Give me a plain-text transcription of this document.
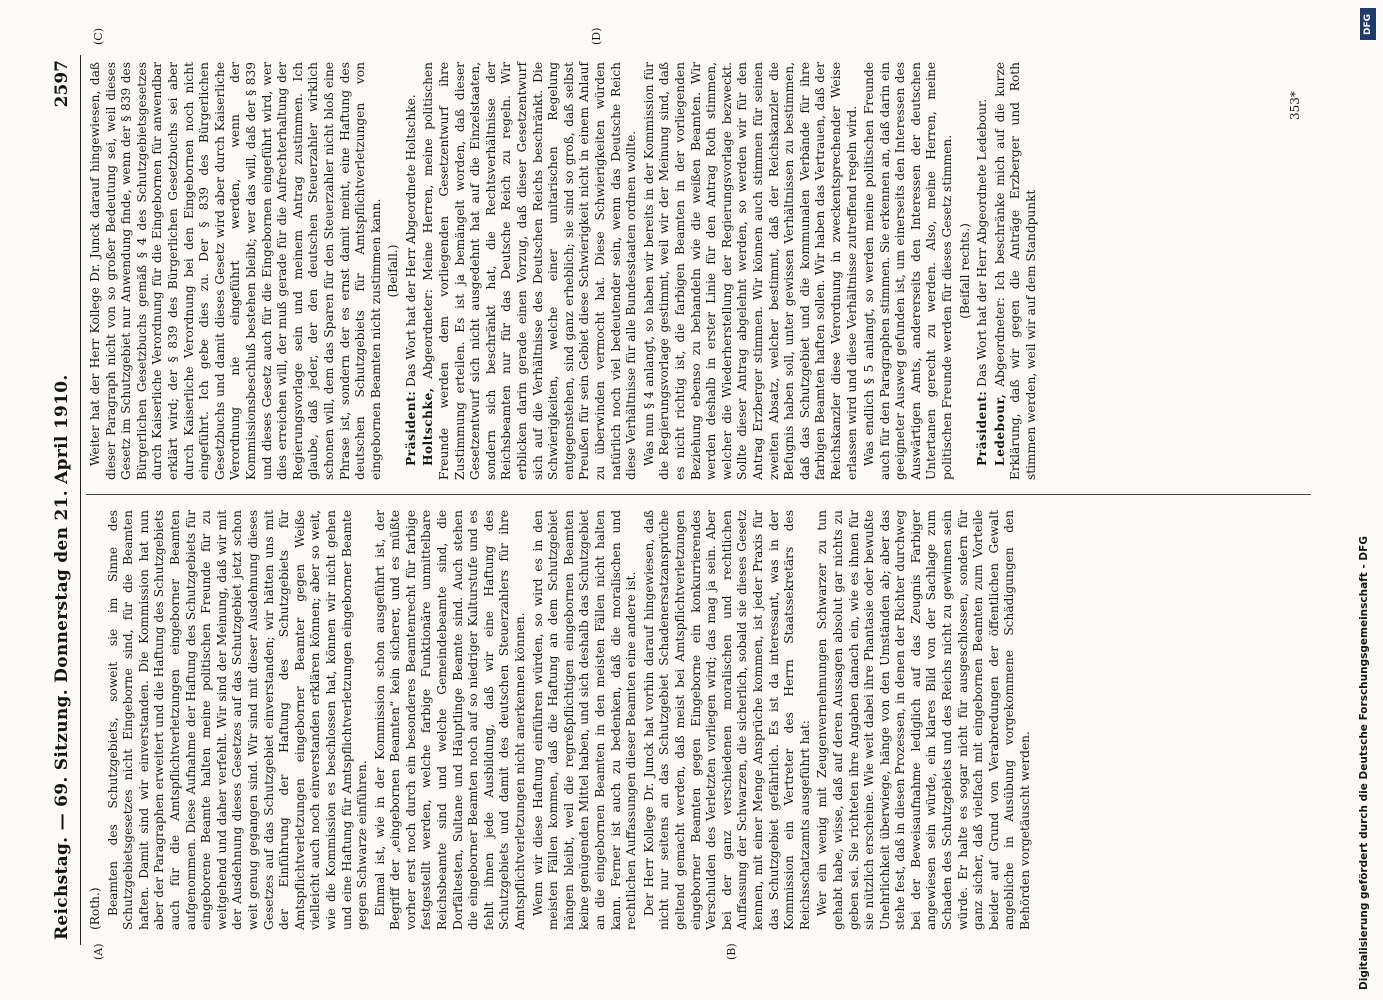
Reichstag. — 69. Sitzung. Donnerstag den 21. April 1910.
2597
(A)	(B)
(C)	(D)

(Roth.) Beamten des Schutzgebiets, soweit sie im Sinne des Schutzgebietsgesetzes nicht Eingeborne sind, für die Beamten haften. Damit sind wir einverstanden. Die Kommission hat nun aber der Paragraphen erweitert und die Haftung des Schutzgebiets auch für die Amtspflichtverletzungen eingeborner Beamten aufgenommen. Diese Aufnahme der Haftung des Schutzgebiets für eingeborene Beamte halten meine politischen Freunde für zu weitgehend und daher verfehlt. Wir sind der Meinung, daß wir mit der Ausdehnung dieses Gesetzes auf das Schutzgebiet jetzt schon weit genug gegangen sind. Wir sind mit dieser Ausdehnung dieses Gesetzes auf das Schutzgebiet einverstanden; wir hätten uns mit der Einführung der Haftung des Schutzgebiets für Amtspflichtverletzungen eingeborner Beamter gegen Weiße vielleicht auch noch einverstanden erklären können; aber so weit, wie die Kommission es beschlossen hat, können wir nicht gehen und eine Haftung für Amtspflichtverletzungen eingeborner Beamte gegen Schwarze einführen. Einmal ist, wie in der Kommission schon ausgeführt ist, der Begriff der „eingebornen Beamten“ kein sicherer, und es müßte vorher erst noch durch ein besonderes Beamtenrecht für farbige festgestellt werden, welche farbige Funktionäre unmittelbare Reichsbeamte sind und welche Gemeindebeamte sind, die Dorfältesten, Sultane und Häuptlinge Beamte sind. Auch stehen die eingeborner Beamten noch auf so niedriger Kulturstufe und es fehlt ihnen jede Ausbildung, daß wir eine Haftung des Schutzgebiets und damit des deutschen Steuerzahlers für ihre Amtspflichtverletzungen nicht anerkennen können. Wenn wir diese Haftung einführen würden, so wird es in den meisten Fällen kommen, daß die Haftung an dem Schutzgebiet hängen bleibt, weil die regreßpflichtigen eingebornen Beamten keine genügenden Mittel haben, und sich deshalb das Schutzgebiet an die eingebornen Beamten in den meisten Fällen nicht halten kann. Ferner ist auch zu bedenken, daß die moralischen und rechtlichen Auffassungen dieser Beamten eine andere ist. Der Herr Kollege Dr. Junck hat vorhin darauf hingewiesen, daß nicht nur seitens an das Schutzgebiet Schadenersatzansprüche geltend gemacht werden, daß meist bei Amtspflichtverletzungen eingeborner Beamten gegen Eingeborne ein konkurrierendes Verschulden des Verletzten vorliegen wird; das mag ja sein. Aber bei der ganz verschiedenen moralischen und rechtlichen Auffassung der Schwarzen, die sicherlich, sobald sie dieses Gesetz kennen, mit einer Menge Ansprüche kommen, ist jeder Praxis für das Schutzgebiet gefährlich. Es ist da interessant, was in der Kommission ein Vertreter des Herrn Staatssekretärs des Reichsschatzamts ausgeführt hat: Wer ein wenig mit Zeugenvernehmungen Schwarzer zu tun gehabt habe, wisse, daß auf deren Aussagen absolut gar nichts zu geben sei. Sie richteten ihre Angaben danach ein, wie es ihnen für sie nützlich erscheine. Wie weit dabei ihre Phantasie oder bewußte Unehrlichkeit überwiege, hänge von den Umständen ab; aber das stehe fest, daß in diesen Prozessen, in denen der Richter durchweg bei der Beweisaufnahme lediglich auf das Zeugnis Farbiger angewiesen sein würde, ein klares Bild von der Sachlage zum Schaden des Schutzgebiets und des Reichs nicht zu gewinnen sein würde. Er halte es sogar nicht für ausgeschlossen, sondern für ganz sicher, daß vielfach mit eingebornen Beamten zum Vorteile beider auf Grund von Verabredungen der öffentlichen Gewalt angebliche in Ausübung vorgekommene Schädigungen den Behörden vorgetäuscht werden.

Weiter hat der Herr Kollege Dr. Junck darauf hingewiesen, daß dieser Paragraph nicht von so großer Bedeutung sei, weil dieses Gesetz im Schutzgebiet nur Anwendung finde, wenn der § 839 des Bürgerlichen Gesetzbuchs gemäß § 4 des Schutzgebietsgesetzes durch Kaiserliche Verordnung für die Eingebornen für anwendbar erklärt wird; der § 839 des Bürgerlichen Gesetzbuchs sei aber durch Kaiserliche Verordnung bei den Eingebornen noch nicht eingeführt. Ich gebe dies zu. Der § 839 des Bürgerlichen Gesetzbuchs und damit dieses Gesetz wird aber durch Kaiserliche Verordnung nie eingeführt werden, wenn der Kommissionsbeschluß bestehen bleibt; wer das will, daß der § 839 und dieses Gesetz auch für die Eingebornen eingeführt wird, wer dies erreichen will, der muß gerade für die Aufrechterhaltung der Regierungsvorlage sein und meinem Antrag zustimmen. Ich glaube, daß jeder, der den deutschen Steuerzahler wirklich schonen will, dem das Sparen für den Steuerzahler nicht bloß eine Phrase ist, sondern der es ernst damit meint, eine Haftung des deutschen Schutzgebiets für Amtspflichtverletzungen von eingebornen Beamten nicht zustimmen kann. (Beifall.)

Präsident: Das Wort hat der Herr Abgeordnete Holtschke.

Holtschke, Abgeordneter: Meine Herren, meine politischen Freunde werden dem vorliegenden Gesetzentwurf ihre Zustimmung erteilen. Es ist ja bemängelt worden, daß dieser Gesetzentwurf sich nicht ausgedehnt hat auf die Einzelstaaten, sondern sich beschränkt hat, die Rechtsverhältnisse der Reichsbeamten nur für das Deutsche Reich zu regeln. Wir erblicken darin gerade einen Vorzug, daß dieser Gesetzentwurf sich auf die Verhältnisse des Deutschen Reichs beschränkt. Die Schwierigkeiten, welche einer unitarischen Regelung entgegenstehen, sind ganz erheblich; sie sind so groß, daß selbst Preußen für sein Gebiet diese Schwierigkeit nicht in einem Anlauf zu überwinden vermocht hat. Diese Schwierigkeiten würden natürlich noch viel bedeutender sein, wenn das Deutsche Reich diese Verhältnisse für alle Bundesstaaten ordnen wollte. Was nun § 4 anlangt, so haben wir bereits in der Kommission für die Regierungsvorlage gestimmt, weil wir der Meinung sind, daß es nicht richtig ist, die farbigen Beamten in der vorliegenden Beziehung ebenso zu behandeln wie die weißen Beamten. Wir werden deshalb in erster Linie für den Antrag Roth stimmen, welcher die Wiederherstellung der Regierungsvorlage bezweckt. Sollte dieser Antrag abgelehnt werden, so werden wir für den Antrag Erzberger stimmen. Wir können auch stimmen für seinen zweiten Absatz, welcher bestimmt, daß der Reichskanzler die Befugnis haben soll, unter gewissen Verhältnissen zu bestimmen, daß das Schutzgebiet und die kommunalen Verbände für ihre farbigen Beamten haften sollen. Wir haben das Vertrauen, daß der Reichskanzler diese Verordnung in zweckentsprechender Weise erlassen wird und diese Verhältnisse zutreffend regeln wird. Was endlich § 5 anlangt, so werden meine politischen Freunde auch für den Paragraphen stimmen. Sie erkennen an, daß darin ein geeigneter Ausweg gefunden ist, um einerseits den Interessen des Auswärtigen Amts, andererseits den Interessen der deutschen Untertanen gerecht zu werden. Also, meine Herren, meine politischen Freunde werden für dieses Gesetz stimmen. (Beifall rechts.)

Präsident: Das Wort hat der Herr Abgeordnete Ledebour.

Ledebour, Abgeordneter: Ich beschränke mich auf die kurze Erklärung, daß wir gegen die Anträge Erzberger und Roth stimmen werden, weil wir auf dem Standpunkt

353*
Digitalisierung gefördert durch die Deutsche Forschungsgemeinschaft - DFG
DFG
